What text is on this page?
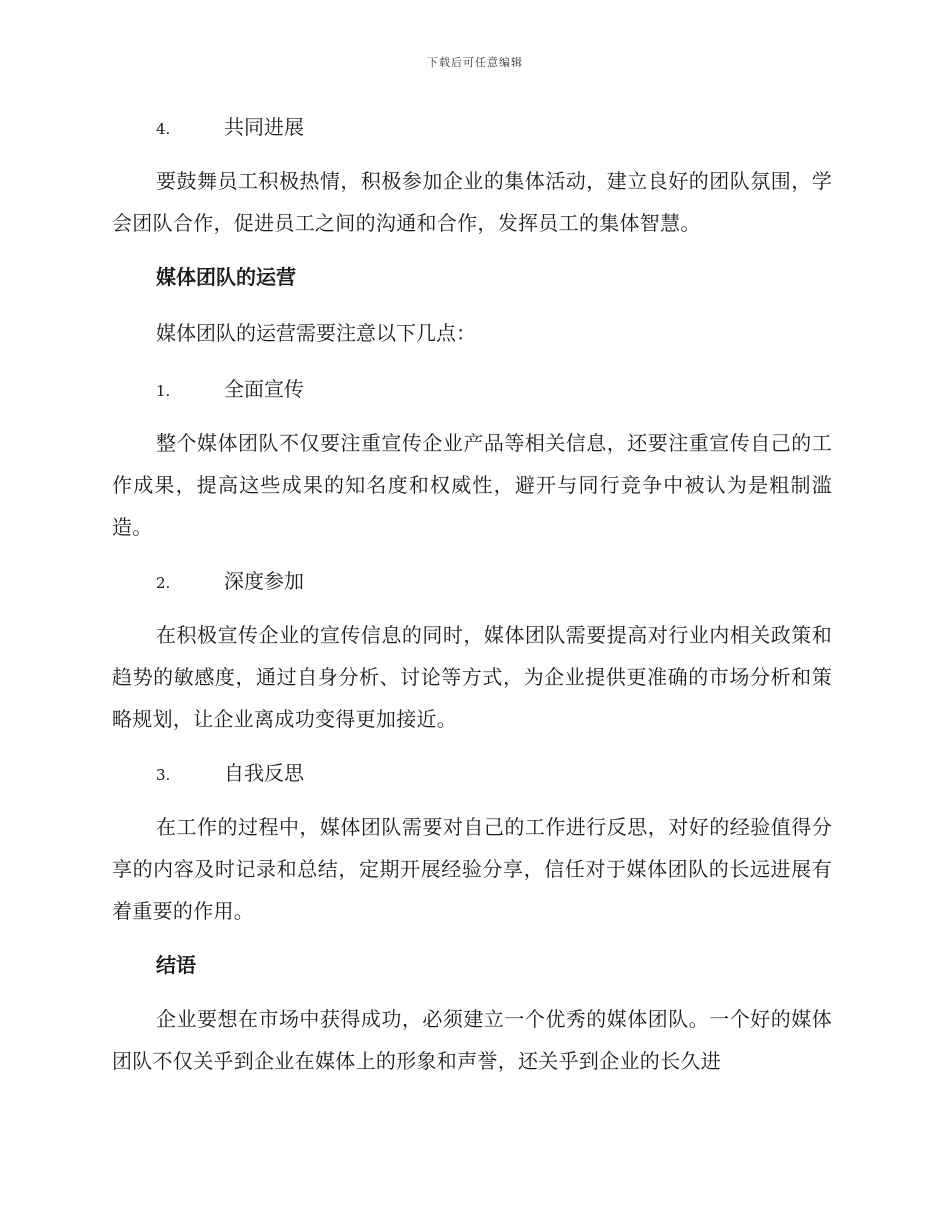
下载后可任意编辑
4.	共同进展

要鼓舞员工积极热情，积极参加企业的集体活动，建立良好的团队氛围，学会团队合作，促进员工之间的沟通和合作，发挥员工的集体智慧。

媒体团队的运营
媒体团队的运营需要注意以下几点：
1.	全面宣传

整个媒体团队不仅要注重宣传企业产品等相关信息，还要注重宣传自己的工作成果，提高这些成果的知名度和权威性，避开与同行竞争中被认为是粗制滥造。

2.	深度参加

在积极宣传企业的宣传信息的同时，媒体团队需要提高对行业内相关政策和趋势的敏感度，通过自身分析、讨论等方式，为企业提供更准确的市场分析和策略规划，让企业离成功变得更加接近。

3.	自我反思

在工作的过程中，媒体团队需要对自己的工作进行反思，对好的经验值得分享的内容及时记录和总结，定期开展经验分享，信任对于媒体团队的长远进展有着重要的作用。

结语

企业要想在市场中获得成功，必须建立一个优秀的媒体团队。一个好的媒体团队不仅关乎到企业在媒体上的形象和声誉，还关乎到企业的长久进
